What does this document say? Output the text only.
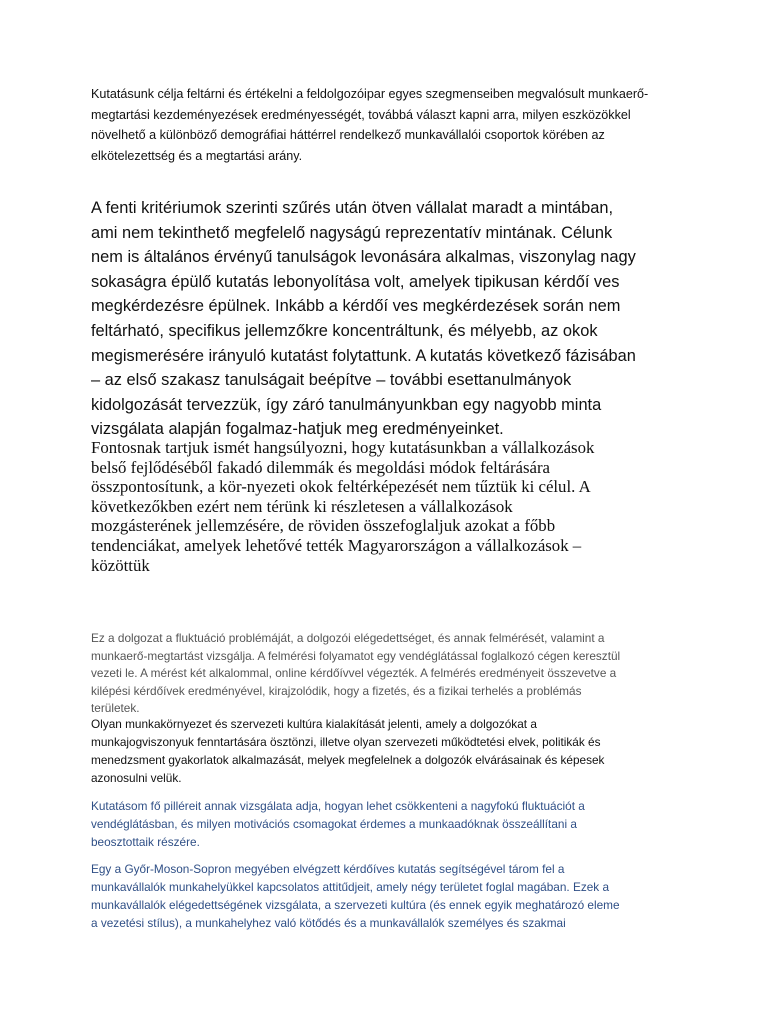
Kutatásunk célja feltárni és értékelni a feldolgozóipar egyes szegmenseiben megvalósult munkaerő-
megtartási kezdeményezések eredményességét, továbbá választ kapni arra, milyen eszközökkel
növelhető a különböző demográfiai háttérrel rendelkező munkavállalói csoportok körében az
elkötelezettség és a megtartási arány.

A fenti kritériumok szerinti szűrés után ötven vállalat maradt a mintában,
ami nem tekinthető megfelelő nagyságú reprezentatív mintának. Célunk
nem is általános érvényű tanulságok levonására alkalmas, viszonylag nagy
sokaságra épülő kutatás lebonyolítása volt, amelyek tipikusan kérdőí ves
megkérdezésre épülnek. Inkább a kérdőí ves megkérdezések során nem
feltárható, specifikus jellemzőkre koncentráltunk, és mélyebb, az okok
megismerésére irányuló kutatást folytattunk. A kutatás következő fázisában
– az első szakasz tanulságait beépítve – további esettanulmányok
kidolgozását tervezzük, így záró tanulmányunkban egy nagyobb minta
vizsgálata alapján fogalmaz-hatjuk meg eredményeinket.

Fontosnak tartjuk ismét hangsúlyozni, hogy kutatásunkban a vállalkozások
belső fejlődéséből fakadó dilemmák és megoldási módok feltárására
összpontosítunk, a kör-nyezeti okok feltérképezését nem tűztük ki célul. A
következőkben ezért nem térünk ki részletesen a vállalkozások
mozgásterének jellemzésére, de röviden összefoglaljuk azokat a főbb
tendenciákat, amelyek lehetővé tették Magyarországon a vállalkozások –
közöttük

Ez a dolgozat a fluktuáció problémáját, a dolgozói elégedettséget, és annak felmérését, valamint a
munkaerő-megtartást vizsgálja. A felmérési folyamatot egy vendéglátással foglalkozó cégen keresztül
vezeti le. A mérést két alkalommal, online kérdőívvel végezték. A felmérés eredményeit összevetve a
kilépési kérdőívek eredményével, kirajzolódik, hogy a fizetés, és a fizikai terhelés a problémás
területek.

Olyan munkakörnyezet és szervezeti kultúra kialakítását jelenti, amely a dolgozókat a
munkajogviszonyuk fenntartására ösztönzi, illetve olyan szervezeti működtetési elvek, politikák és
menedzsment gyakorlatok alkalmazását, melyek megfelelnek a dolgozók elvárásainak és képesek
azonosulni velük.

Kutatásom fő pilléreit annak vizsgálata adja, hogyan lehet csökkenteni a nagyfokú fluktuációt a
vendéglátásban, és milyen motivációs csomagokat érdemes a munkaadóknak összeállítani a
beosztottaik részére.

Egy a Győr-Moson-Sopron megyében elvégzett kérdőíves kutatás segítségével tárom fel a
munkavállalók munkahelyükkel kapcsolatos attitűdjeit, amely négy területet foglal magában. Ezek a
munkavállalók elégedettségének vizsgálata, a szervezeti kultúra (és ennek egyik meghatározó eleme
a vezetési stílus), a munkahelyhez való kötődés és a munkavállalók személyes és szakmai
